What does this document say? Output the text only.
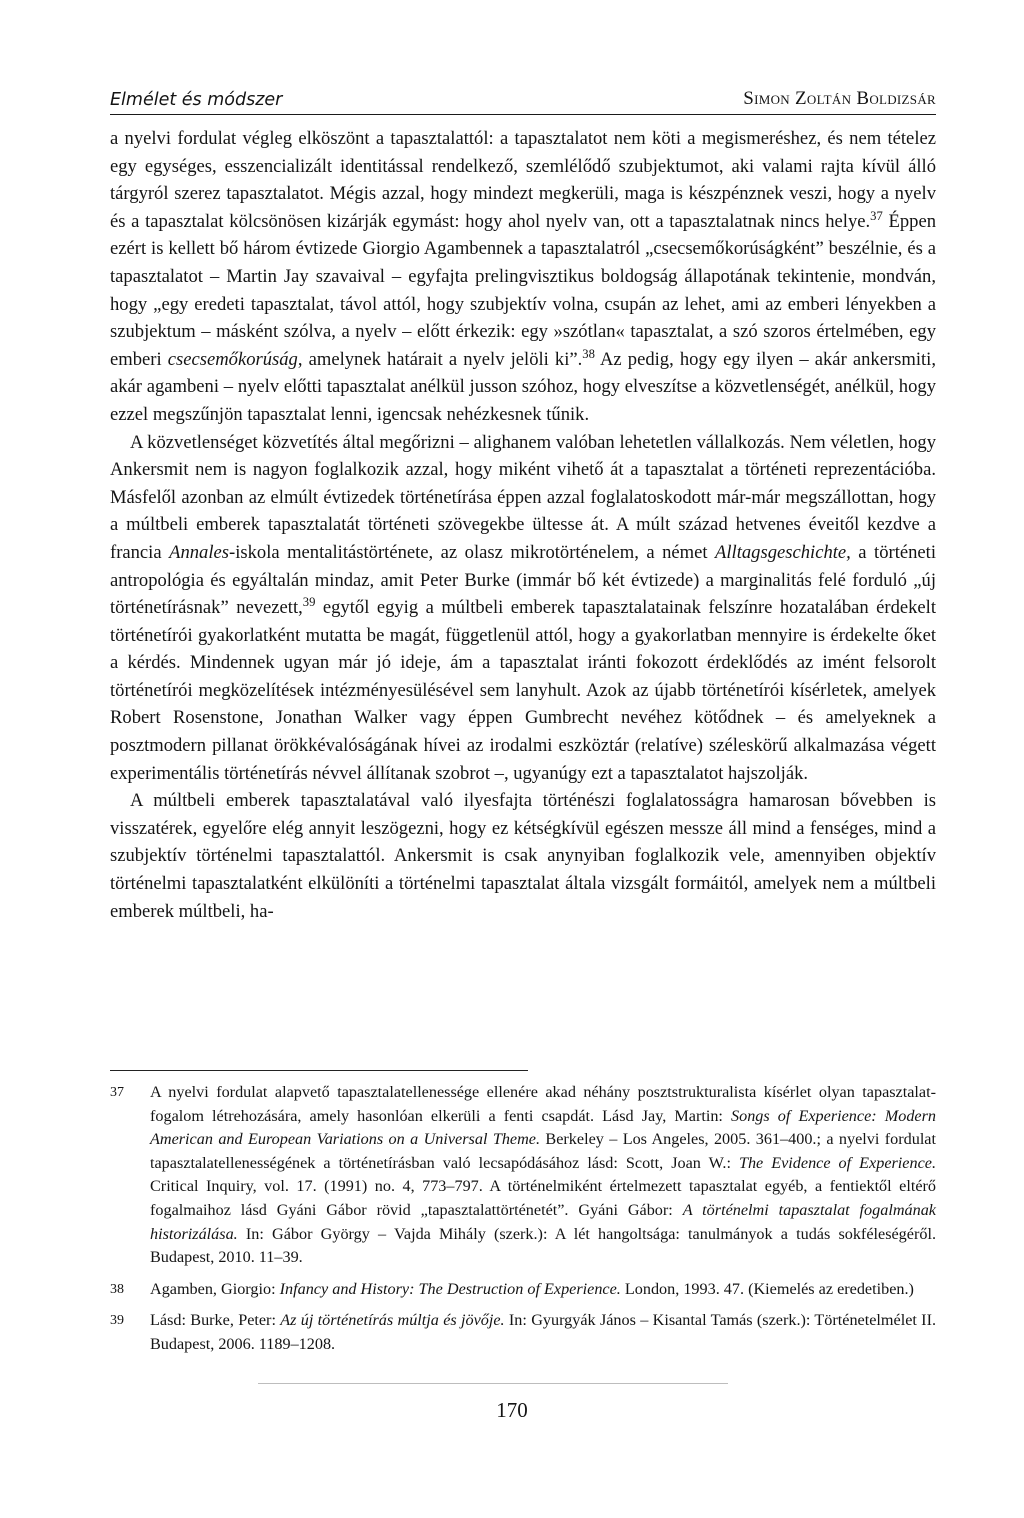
Elmélet és módszer	Simon Zoltán Boldizsár

a nyelvi fordulat végleg elköszönt a tapasztalattól: a tapasztalatot nem köti a megismeréshez, és nem tételez egy egységes, esszencializált identitással rendelkező, szemlélődő szubjektumot, aki valami rajta kívül álló tárgyról szerez tapasztalatot. Mégis azzal, hogy mindezt megkerüli, maga is készpénznek veszi, hogy a nyelv és a tapasztalat kölcsönösen kizárják egymást: hogy ahol nyelv van, ott a tapasztalatnak nincs helye.$^{37}$ Éppen ezért is kellett bő három évtizede Giorgio Agambennek a tapasztalatról „csecsemőkorúságként” beszélnie, és a tapasztalatot – Martin Jay szavaival – egyfajta prelingvisztikus boldogság állapotának tekintenie, mondván, hogy „egy eredeti tapasztalat, távol attól, hogy szubjektív volna, csupán az lehet, ami az emberi lényekben a szubjektum – másként szólva, a nyelv – előtt érkezik: egy »szótlan« tapasztalat, a szó szoros értelmében, egy emberi csecsemőkorúság, amelynek határait a nyelv jelöli ki”.$^{38}$ Az pedig, hogy egy ilyen – akár ankersmiti, akár agambeni – nyelv előtti tapasztalat anélkül jusson szóhoz, hogy elveszítse a közvetlenségét, anélkül, hogy ezzel megszűnjön tapasztalat lenni, igencsak nehézkesnek tűnik.

A közvetlenséget közvetítés által megőrizni – alighanem valóban lehetetlen vállalkozás. Nem véletlen, hogy Ankersmit nem is nagyon foglalkozik azzal, hogy miként vihető át a tapasztalat a történeti reprezentációba. Másfelől azonban az elmúlt évtizedek történetírása éppen azzal foglalatoskodott már-már megszállottan, hogy a múltbeli emberek tapasztalatát történeti szövegekbe ültesse át. A múlt század hetvenes éveitől kezdve a francia Annales-iskola mentalitástörténete, az olasz mikrotörténelem, a német Alltagsgeschichte, a történeti antropológia és egyáltalán mindaz, amit Peter Burke (immár bő két évtizede) a marginalitás felé forduló „új történetírásnak” nevezett,$^{39}$ egytől egyig a múltbeli emberek tapasztalatainak felszínre hozatalában érdekelt történetírói gyakorlatként mutatta be magát, függetlenül attól, hogy a gyakorlatban mennyire is érdekelte őket a kérdés. Mindennek ugyan már jó ideje, ám a tapasztalat iránti fokozott érdeklődés az imént felsorolt történetírói megközelítések intézményesülésével sem lanyhult. Azok az újabb történetírói kísérletek, amelyek Robert Rosenstone, Jonathan Walker vagy éppen Gumbrecht nevéhez kötődnek – és amelyeknek a posztmodern pillanat örökkévalóságának hívei az irodalmi eszköztár (relatíve) széleskörű alkalmazása végett experimentális történetírás névvel állítanak szobrot –, ugyanúgy ezt a tapasztalatot hajszolják.

A múltbeli emberek tapasztalatával való ilyesfajta történészi foglalatosságra hamarosan bővebben is visszatérek, egyelőre elég annyit leszögezni, hogy ez kétségkívül egészen messze áll mind a fenséges, mind a szubjektív történelmi tapasztalattól. Ankersmit is csak anynyiban foglalkozik vele, amennyiben objektív történelmi tapasztalatként elkülöníti a történelmi tapasztalat általa vizsgált formáitól, amelyek nem a múltbeli emberek múltbeli, ha-

37 A nyelvi fordulat alapvető tapasztalatellenessége ellenére akad néhány posztstrukturalista kísérlet olyan tapasztalat-fogalom létrehozására, amely hasonlóan elkerüli a fenti csapdát. Lásd Jay, Martin: Songs of Experience: Modern American and European Variations on a Universal Theme. Berkeley – Los Angeles, 2005. 361–400.; a nyelvi fordulat tapasztalatellenességének a történetírásban való lecsapódásához lásd: Scott, Joan W.: The Evidence of Experience. Critical Inquiry, vol. 17. (1991) no. 4, 773–797. A történelmiként értelmezett tapasztalat egyéb, a fentiektől eltérő fogalmaihoz lásd Gyáni Gábor rövid „tapasztalattörténetét”. Gyáni Gábor: A történelmi tapasztalat fogalmának historizálása. In: Gábor György – Vajda Mihály (szerk.): A lét hangoltsága: tanulmányok a tudás sokféleségéről. Budapest, 2010. 11–39.
38 Agamben, Giorgio: Infancy and History: The Destruction of Experience. London, 1993. 47. (Kiemelés az eredetiben.)
39 Lásd: Burke, Peter: Az új történetírás múltja és jövője. In: Gyurgyák János – Kisantal Tamás (szerk.): Történetelmélet II. Budapest, 2006. 1189–1208.
170
